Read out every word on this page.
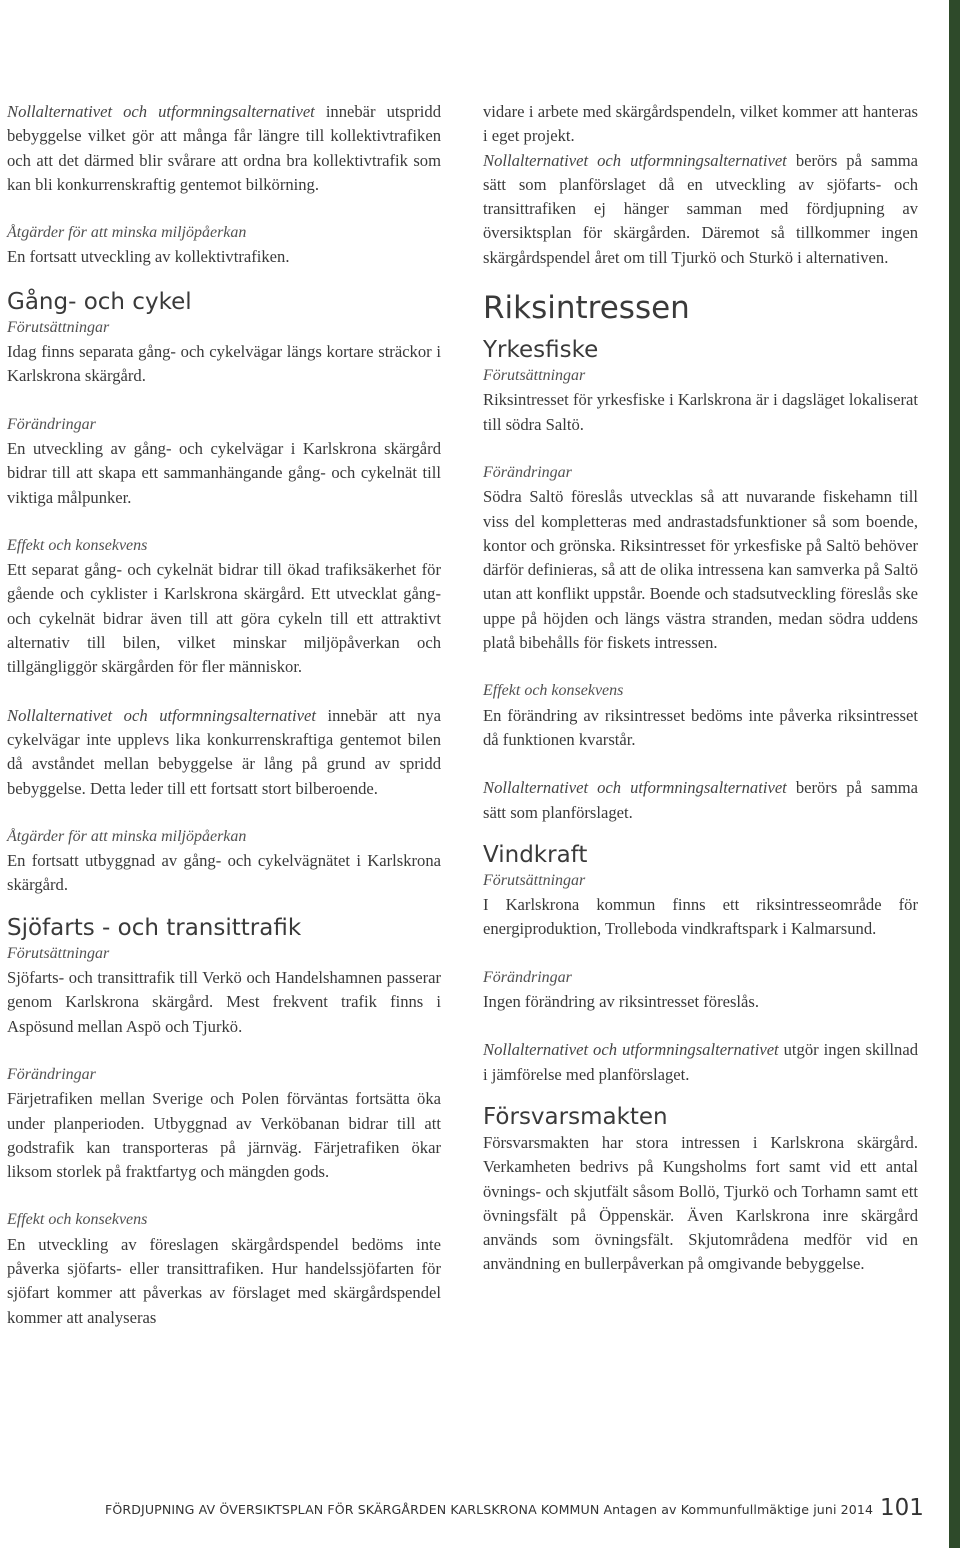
Nollalternativet och utformningsalternativet innebär utspridd bebyggelse vilket gör att många får längre till kollektivtrafiken och att det därmed blir svårare att ordna bra kollektivtrafik som kan bli konkurrenskraftig gentemot bilkörning.

Åtgärder för att minska miljöpåerkan

En fortsatt utveckling av kollektivtrafiken.

Gång- och cykel

Förutsättningar

Idag finns separata gång- och cykelvägar längs kortare sträckor i Karlskrona skärgård.

Förändringar

En utveckling av gång- och cykelvägar i Karlskrona skärgård bidrar till att skapa ett sammanhängande gång- och cykelnät till viktiga målpunker.

Effekt och konsekvens

Ett separat gång- och cykelnät bidrar till ökad trafiksäkerhet för gående och cyklister i Karlskrona skärgård. Ett utvecklat gång- och cykelnät bidrar även till att göra cykeln till ett attraktivt alternativ till bilen, vilket minskar miljöpåverkan och tillgängliggör skärgården för fler människor.

Nollalternativet och utformningsalternativet innebär att nya cykelvägar inte upplevs lika konkurrenskraftiga gentemot bilen då avståndet mellan bebyggelse är lång på grund av spridd bebyggelse. Detta leder till ett fortsatt stort bilberoende.

Åtgärder för att minska miljöpåerkan

En fortsatt utbyggnad av gång- och cykelvägnätet i Karlskrona skärgård.

Sjöfarts - och transittrafik

Förutsättningar

Sjöfarts- och transittrafik till Verkö och Handelshamnen passerar genom Karlskrona skärgård. Mest frekvent trafik finns i Aspösund mellan Aspö och Tjurkö.

Förändringar

Färjetrafiken mellan Sverige och Polen förväntas fortsätta öka under planperioden. Utbyggnad av Verköbanan bidrar till att godstrafik kan transporteras på järnväg. Färjetrafiken ökar liksom storlek på fraktfartyg och mängden gods.

Effekt och konsekvens

En utveckling av föreslagen skärgårdspendel bedöms inte påverka sjöfarts- eller transittrafiken. Hur handelssjöfarten för sjöfart kommer att påverkas av förslaget med skärgårdspendel kommer att analyseras

vidare i arbete med skärgårdspendeln, vilket kommer att hanteras i eget projekt.

Nollalternativet och utformningsalternativet berörs på samma sätt som planförslaget då en utveckling av sjöfarts- och transittrafiken ej hänger samman med fördjupning av översiktsplan för skärgården. Däremot så tillkommer ingen skärgårdspendel året om till Tjurkö och Sturkö i alternativen.

Riksintressen
Yrkesfiske

Förutsättningar

Riksintresset för yrkesfiske i Karlskrona är i dagsläget lokaliserat till södra Saltö.

Förändringar

Södra Saltö föreslås utvecklas så att nuvarande fiskehamn till viss del kompletteras med andrastadsfunktioner så som boende, kontor och grönska. Riksintresset för yrkesfiske på Saltö behöver därför definieras, så att de olika intressena kan samverka på Saltö utan att konflikt uppstår. Boende och stadsutveckling föreslås ske uppe på höjden och längs västra stranden, medan södra uddens platå bibehålls för fiskets intressen.

Effekt och konsekvens

En förändring av riksintresset bedöms inte påverka riksintresset då funktionen kvarstår.

Nollalternativet och utformningsalternativet berörs på samma sätt som planförslaget.

Vindkraft

Förutsättningar

I Karlskrona kommun finns ett riksintresseområde för energiproduktion, Trolleboda vindkraftspark i Kalmarsund.

Förändringar

Ingen förändring av riksintresset föreslås.

Nollalternativet och utformningsalternativet utgör ingen skillnad i jämförelse med planförslaget.

Försvarsmakten

Försvarsmakten har stora intressen i Karlskrona skärgård. Verkamheten bedrivs på Kungsholms fort samt vid ett antal övnings- och skjutfält såsom Bollö, Tjurkö och Torhamn samt ett övningsfält på Öppenskär. Även Karlskrona inre skärgård används som övningsfält. Skjutområdena medför vid en användning en bullerpåverkan på omgivande bebyggelse.

FÖRDJUPNING AV ÖVERSIKTSPLAN FÖR SKÄRGÅRDEN KARLSKRONA KOMMUN Antagen av Kommunfullmäktige juni 2014 101
